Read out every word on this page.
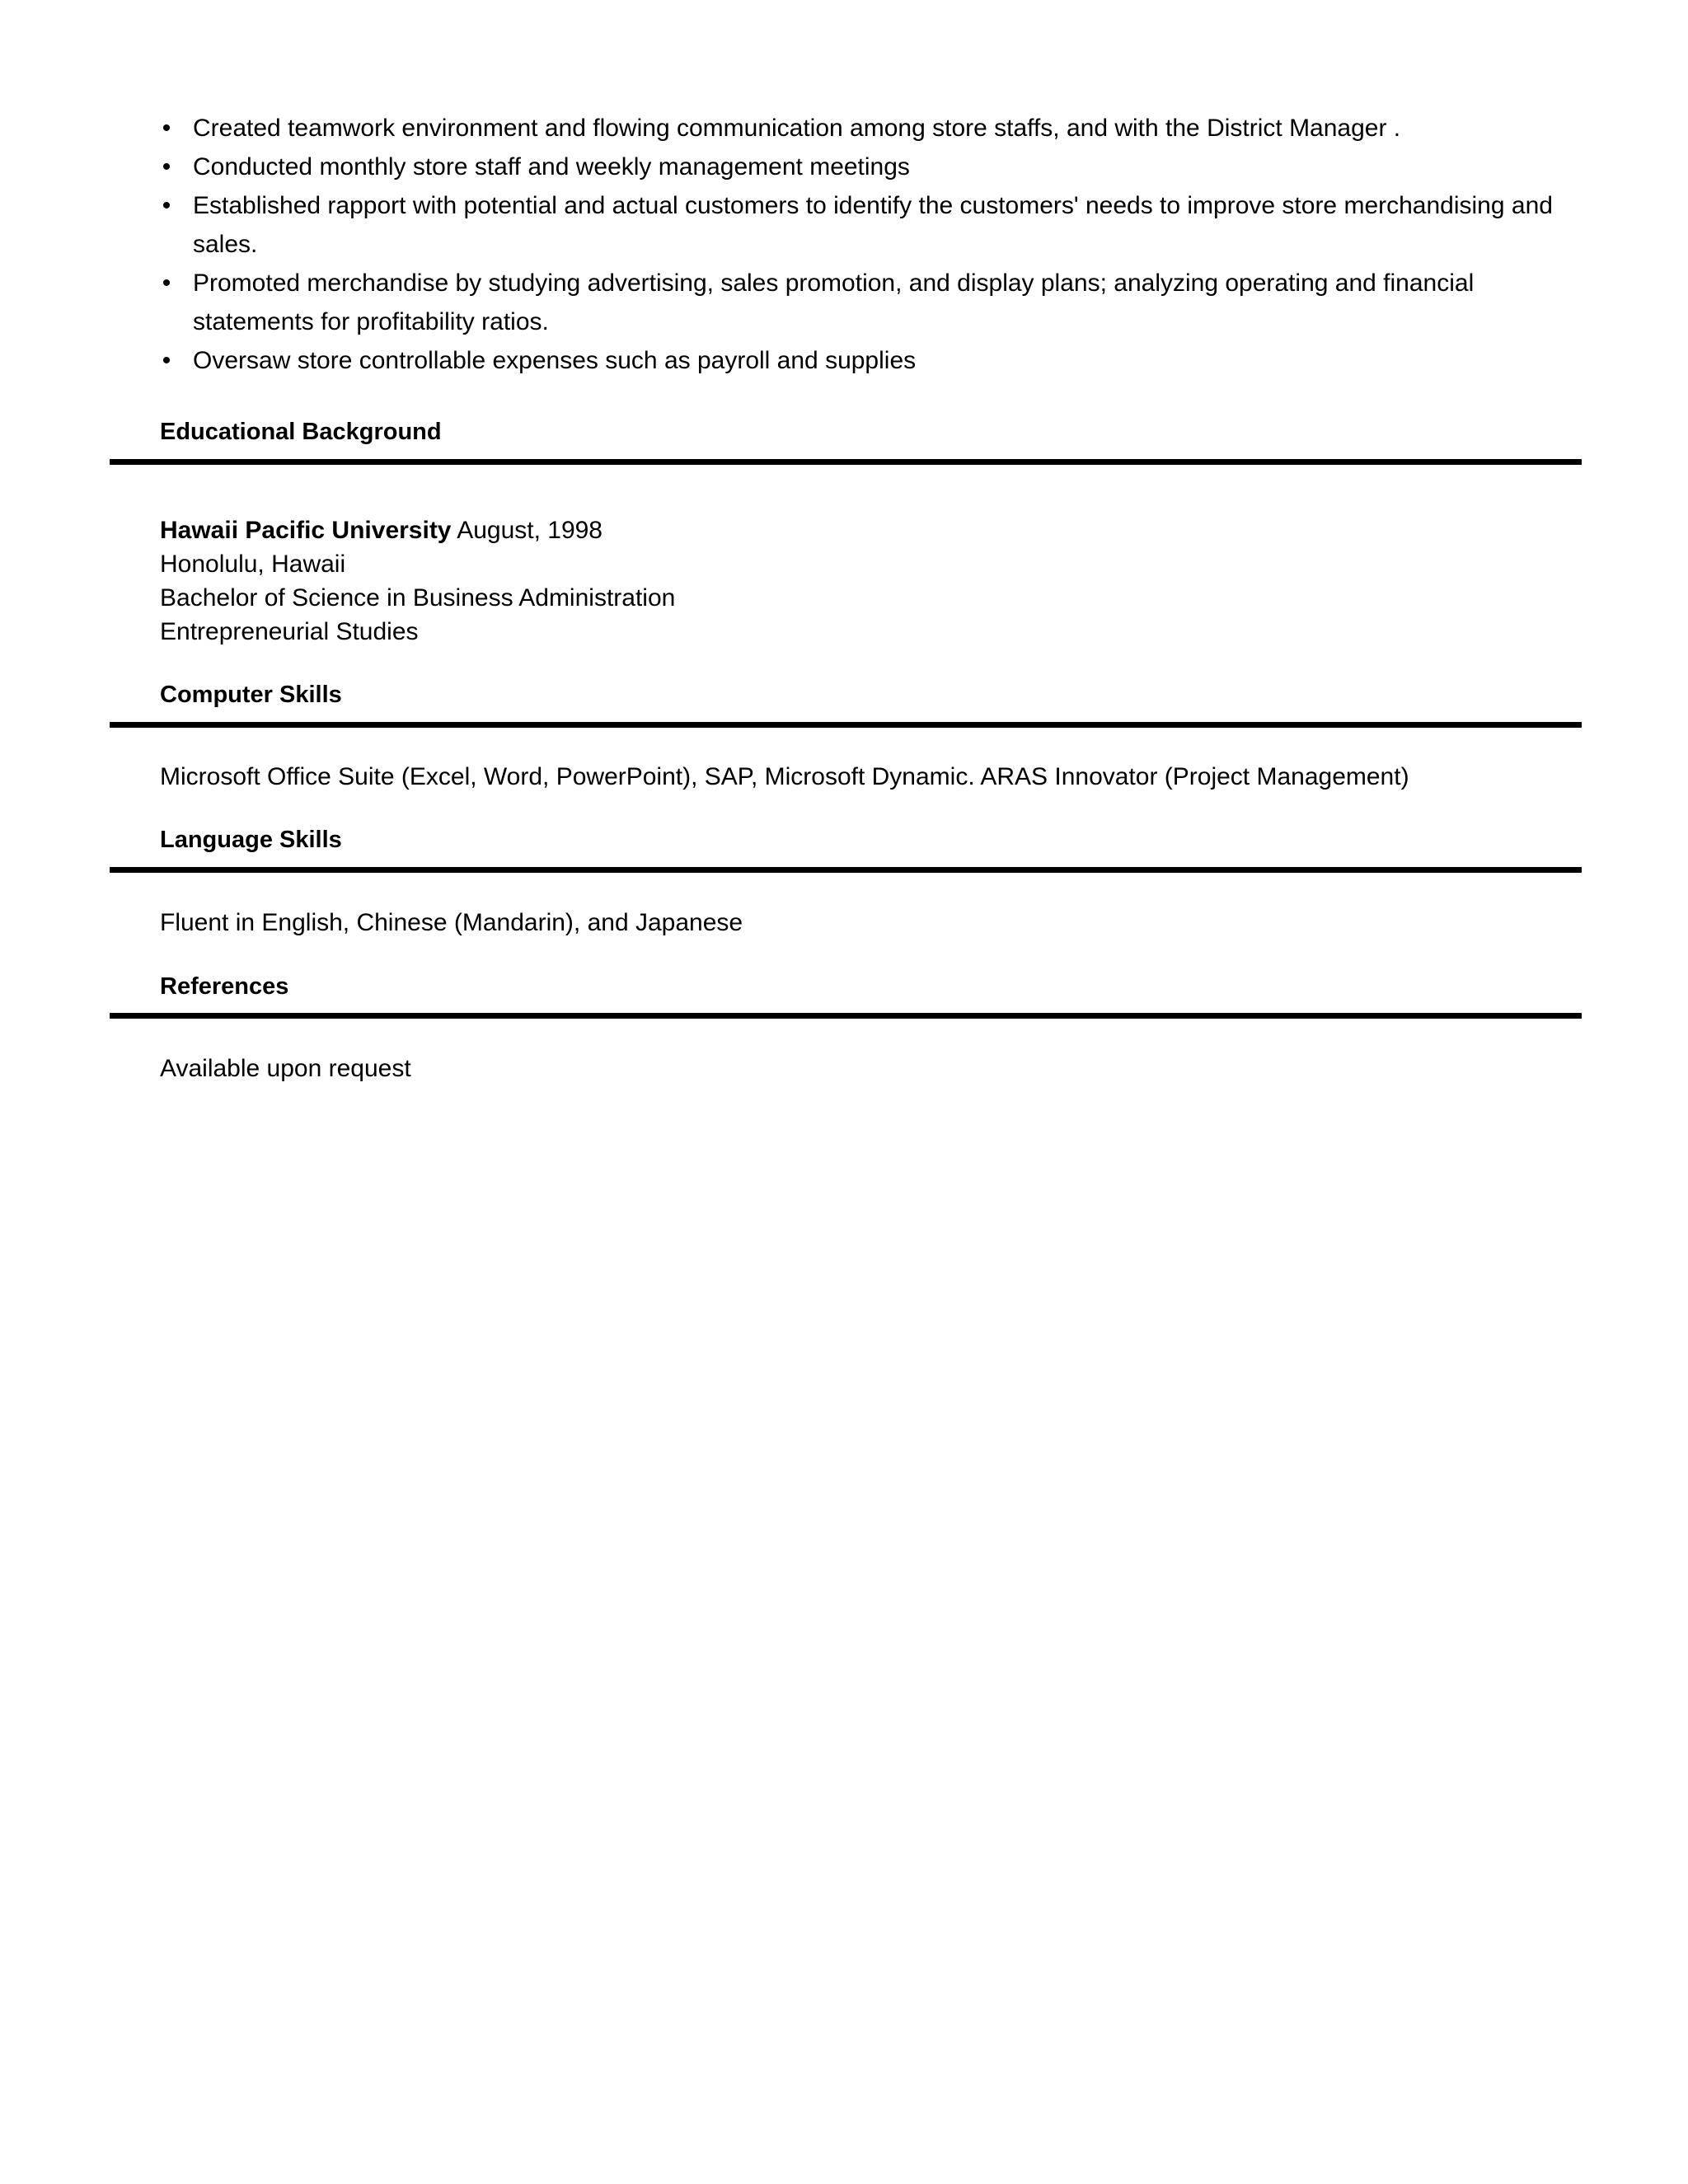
• Created teamwork environment and flowing communication among store staffs, and with the District Manager .
• Conducted monthly store staff and weekly management meetings
• Established rapport with potential and actual customers to identify the customers' needs to improve store merchandising and sales.
• Promoted merchandise by studying advertising, sales promotion, and display plans; analyzing operating and financial statements for profitability ratios.
• Oversaw store controllable expenses such as payroll and supplies
Educational Background
Hawaii Pacific University August, 1998
Honolulu, Hawaii
Bachelor of Science in Business Administration
Entrepreneurial Studies
Computer Skills
Microsoft Office Suite (Excel, Word, PowerPoint), SAP, Microsoft Dynamic. ARAS Innovator (Project Management)
Language Skills
Fluent in English, Chinese (Mandarin), and Japanese
References
Available upon request
